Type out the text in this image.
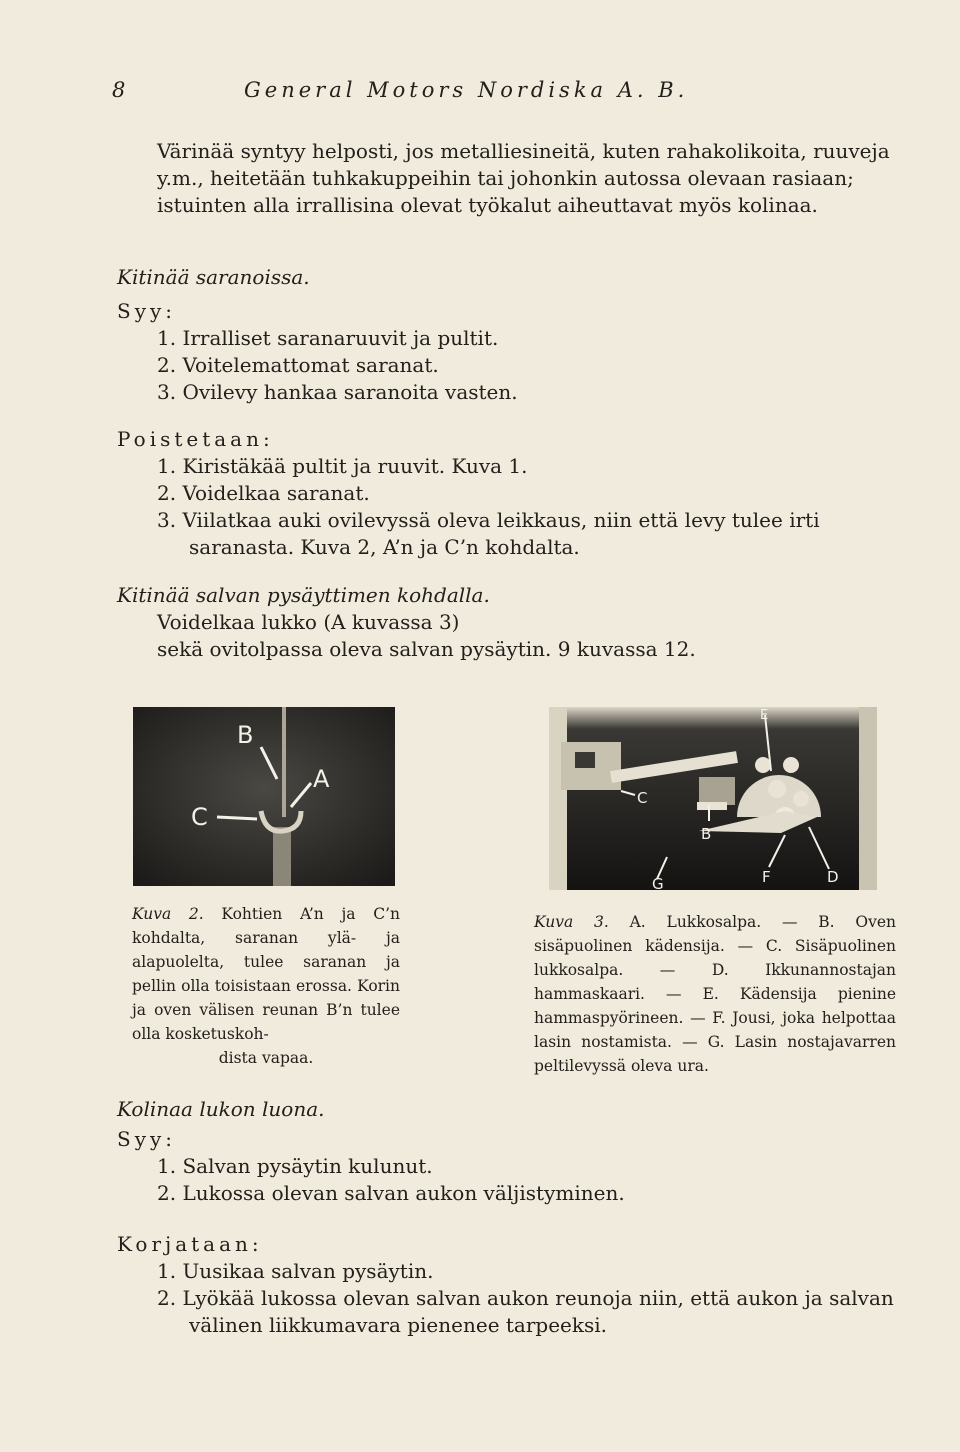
8	General Motors Nordiska A. B.
Värinää syntyy helposti, jos metalliesineitä, kuten rahakolikoita, ruuveja y.m., heitetään tuhkakuppeihin tai johonkin autossa olevaan rasiaan; istuinten alla irrallisina olevat työkalut aiheuttavat myös kolinaa.
Kitinää saranoissa.
Syy:
1. Irralliset saranaruuvit ja pultit.
2. Voitelemattomat saranat.
3. Ovilevy hankaa saranoita vasten.
Poistetaan:
1. Kiristäkää pultit ja ruuvit. Kuva 1.
2. Voidelkaa saranat.
3. Viilatkaa auki ovilevyssä oleva leikkaus, niin että levy tulee irti saranasta. Kuva 2, A’n ja C’n kohdalta.
Kitinää salvan pysäyttimen kohdalla.
Voidelkaa lukko (A kuvassa 3)
sekä ovitolpassa oleva salvan pysäytin. 9 kuvassa 12.
B
A
C
Kuva 2. Kohtien A’n ja C’n kohdalta, saranan ylä- ja alapuolelta, tulee saranan ja pellin olla toisistaan erossa. Korin ja oven välisen reunan B’n tulee olla kosketuskoh-
dista vapaa.
E
C
B
G	F	D
Kuva 3. A. Lukkosalpa. — B. Oven sisäpuolinen kädensija. — C. Sisäpuolinen lukkosalpa. — D. Ikkunannostajan hammaskaari. — E. Kädensija pienine hammaspyörineen. — F. Jousi, joka helpottaa lasin nostamista. — G. Lasin nostajavarren peltilevyssä oleva ura.
Kolinaa lukon luona.
Syy:
1. Salvan pysäytin kulunut.
2. Lukossa olevan salvan aukon väljistyminen.
Korjataan:
1. Uusikaa salvan pysäytin.
2. Lyökää lukossa olevan salvan aukon reunoja niin, että aukon ja salvan välinen liikkumavara pienenee tarpeeksi.
